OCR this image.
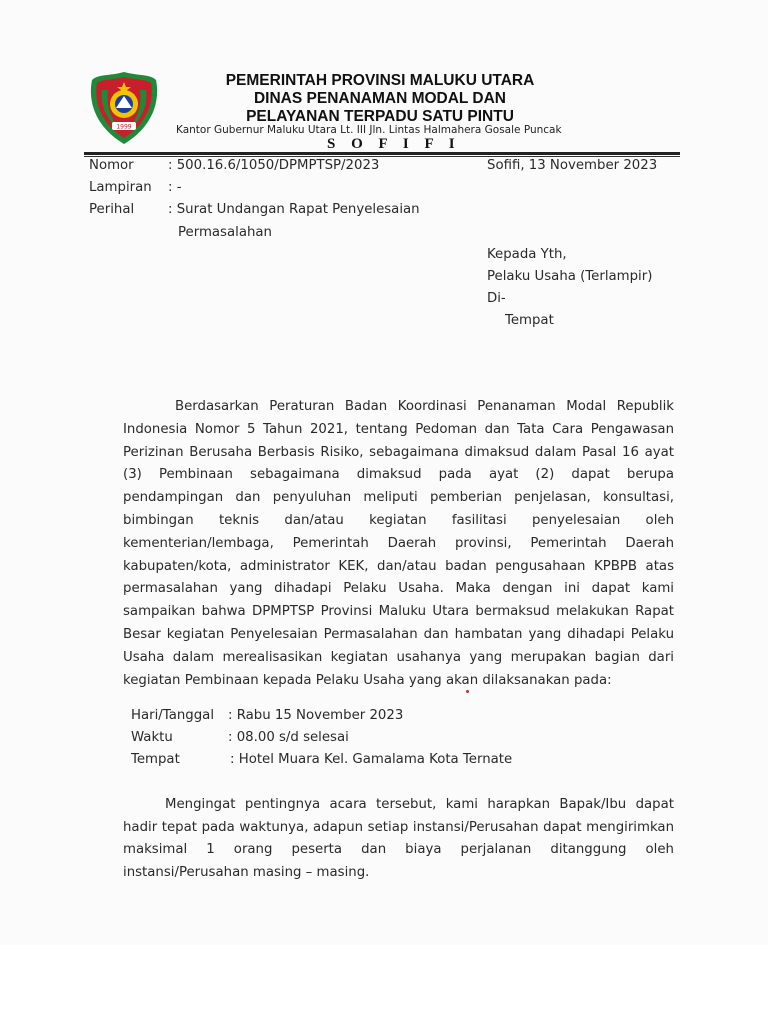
1999
PEMERINTAH PROVINSI MALUKU UTARA
DINAS PENANAMAN MODAL DAN
PELAYANAN TERPADU SATU PINTU
Kantor Gubernur Maluku Utara Lt. III Jln. Lintas Halmahera Gosale Puncak
S O F I F I
Nomor	: 500.16.6/1050/DPMPTSP/2023	Sofifi, 13 November 2023
Lampiran : -
Perihal	: Surat Undangan Rapat Penyelesaian
Permasalahan
Kepada Yth,
Pelaku Usaha (Terlampir)
Di-
Tempat

Berdasarkan Peraturan Badan Koordinasi Penanaman Modal Republik Indonesia Nomor 5 Tahun 2021, tentang Pedoman dan Tata Cara Pengawasan Perizinan Berusaha Berbasis Risiko, sebagaimana dimaksud dalam Pasal 16 ayat (3) Pembinaan sebagaimana dimaksud pada ayat (2) dapat berupa pendampingan dan penyuluhan meliputi pemberian penjelasan, konsultasi, bimbingan teknis dan/atau kegiatan fasilitasi penyelesaian oleh kementerian/lembaga, Pemerintah Daerah provinsi, Pemerintah Daerah kabupaten/kota, administrator KEK, dan/atau badan pengusahaan KPBPB atas permasalahan yang dihadapi Pelaku Usaha. Maka dengan ini dapat kami sampaikan bahwa DPMPTSP Provinsi Maluku Utara bermaksud melakukan Rapat Besar kegiatan Penyelesaian Permasalahan dan hambatan yang dihadapi Pelaku Usaha dalam merealisasikan kegiatan usahanya yang merupakan bagian dari kegiatan Pembinaan kepada Pelaku Usaha yang akan dilaksanakan pada:

Hari/Tanggal : Rabu 15 November 2023
Waktu	: 08.00 s/d selesai
Tempat	: Hotel Muara Kel. Gamalama Kota Ternate

Mengingat pentingnya acara tersebut, kami harapkan Bapak/Ibu dapat hadir tepat pada waktunya, adapun setiap instansi/Perusahan dapat mengirimkan maksimal 1 orang peserta dan biaya perjalanan ditanggung oleh instansi/Perusahan masing – masing.
